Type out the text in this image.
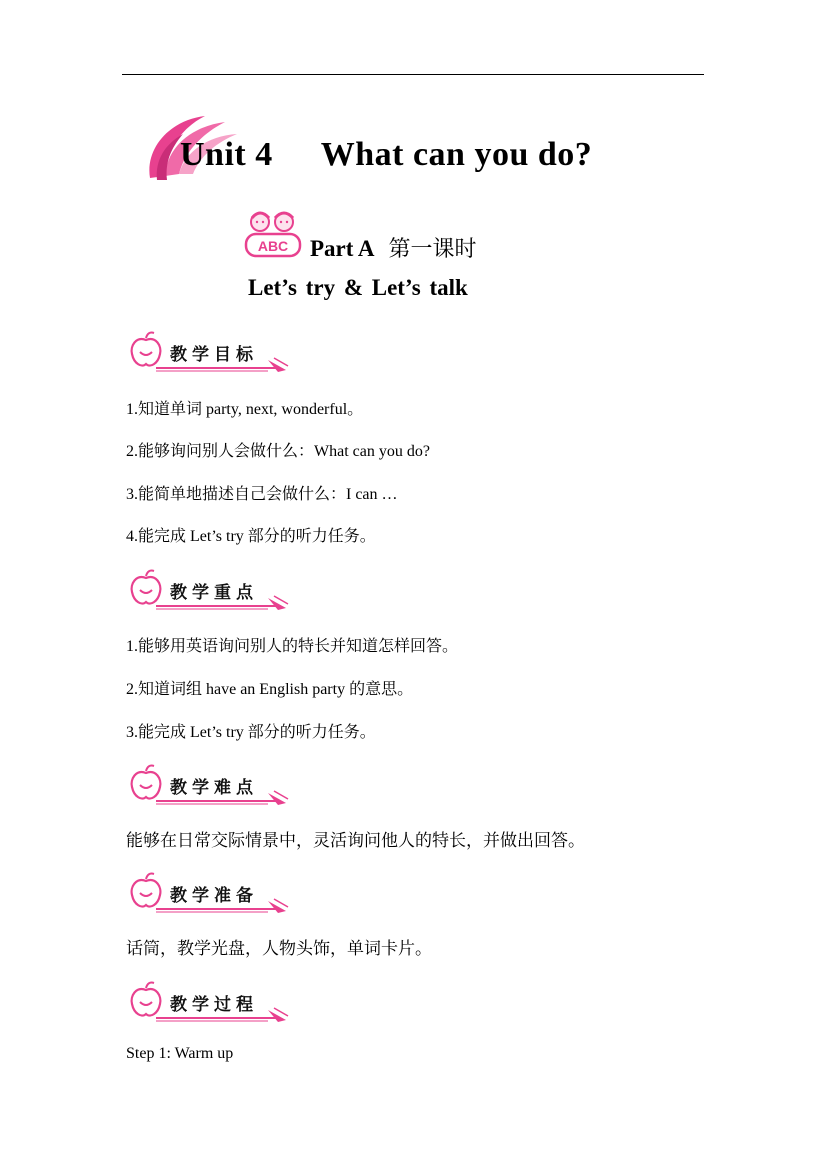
Unit 4 What can you do?
ABC Part A 第一课时
Let’s try & Let’s talk
教学目标
1.知道单词 party, next, wonderful。
2.能够询问别人会做什么：What can you do?
3.能简单地描述自己会做什么：I can …
4.能完成 Let’s try 部分的听力任务。
教学重点
1.能够用英语询问别人的特长并知道怎样回答。
2.知道词组 have an English party 的意思。
3.能完成 Let’s try 部分的听力任务。
教学难点
能够在日常交际情景中，灵活询问他人的特长，并做出回答。
教学准备
话筒，教学光盘，人物头饰，单词卡片。
教学过程
Step 1: Warm up
